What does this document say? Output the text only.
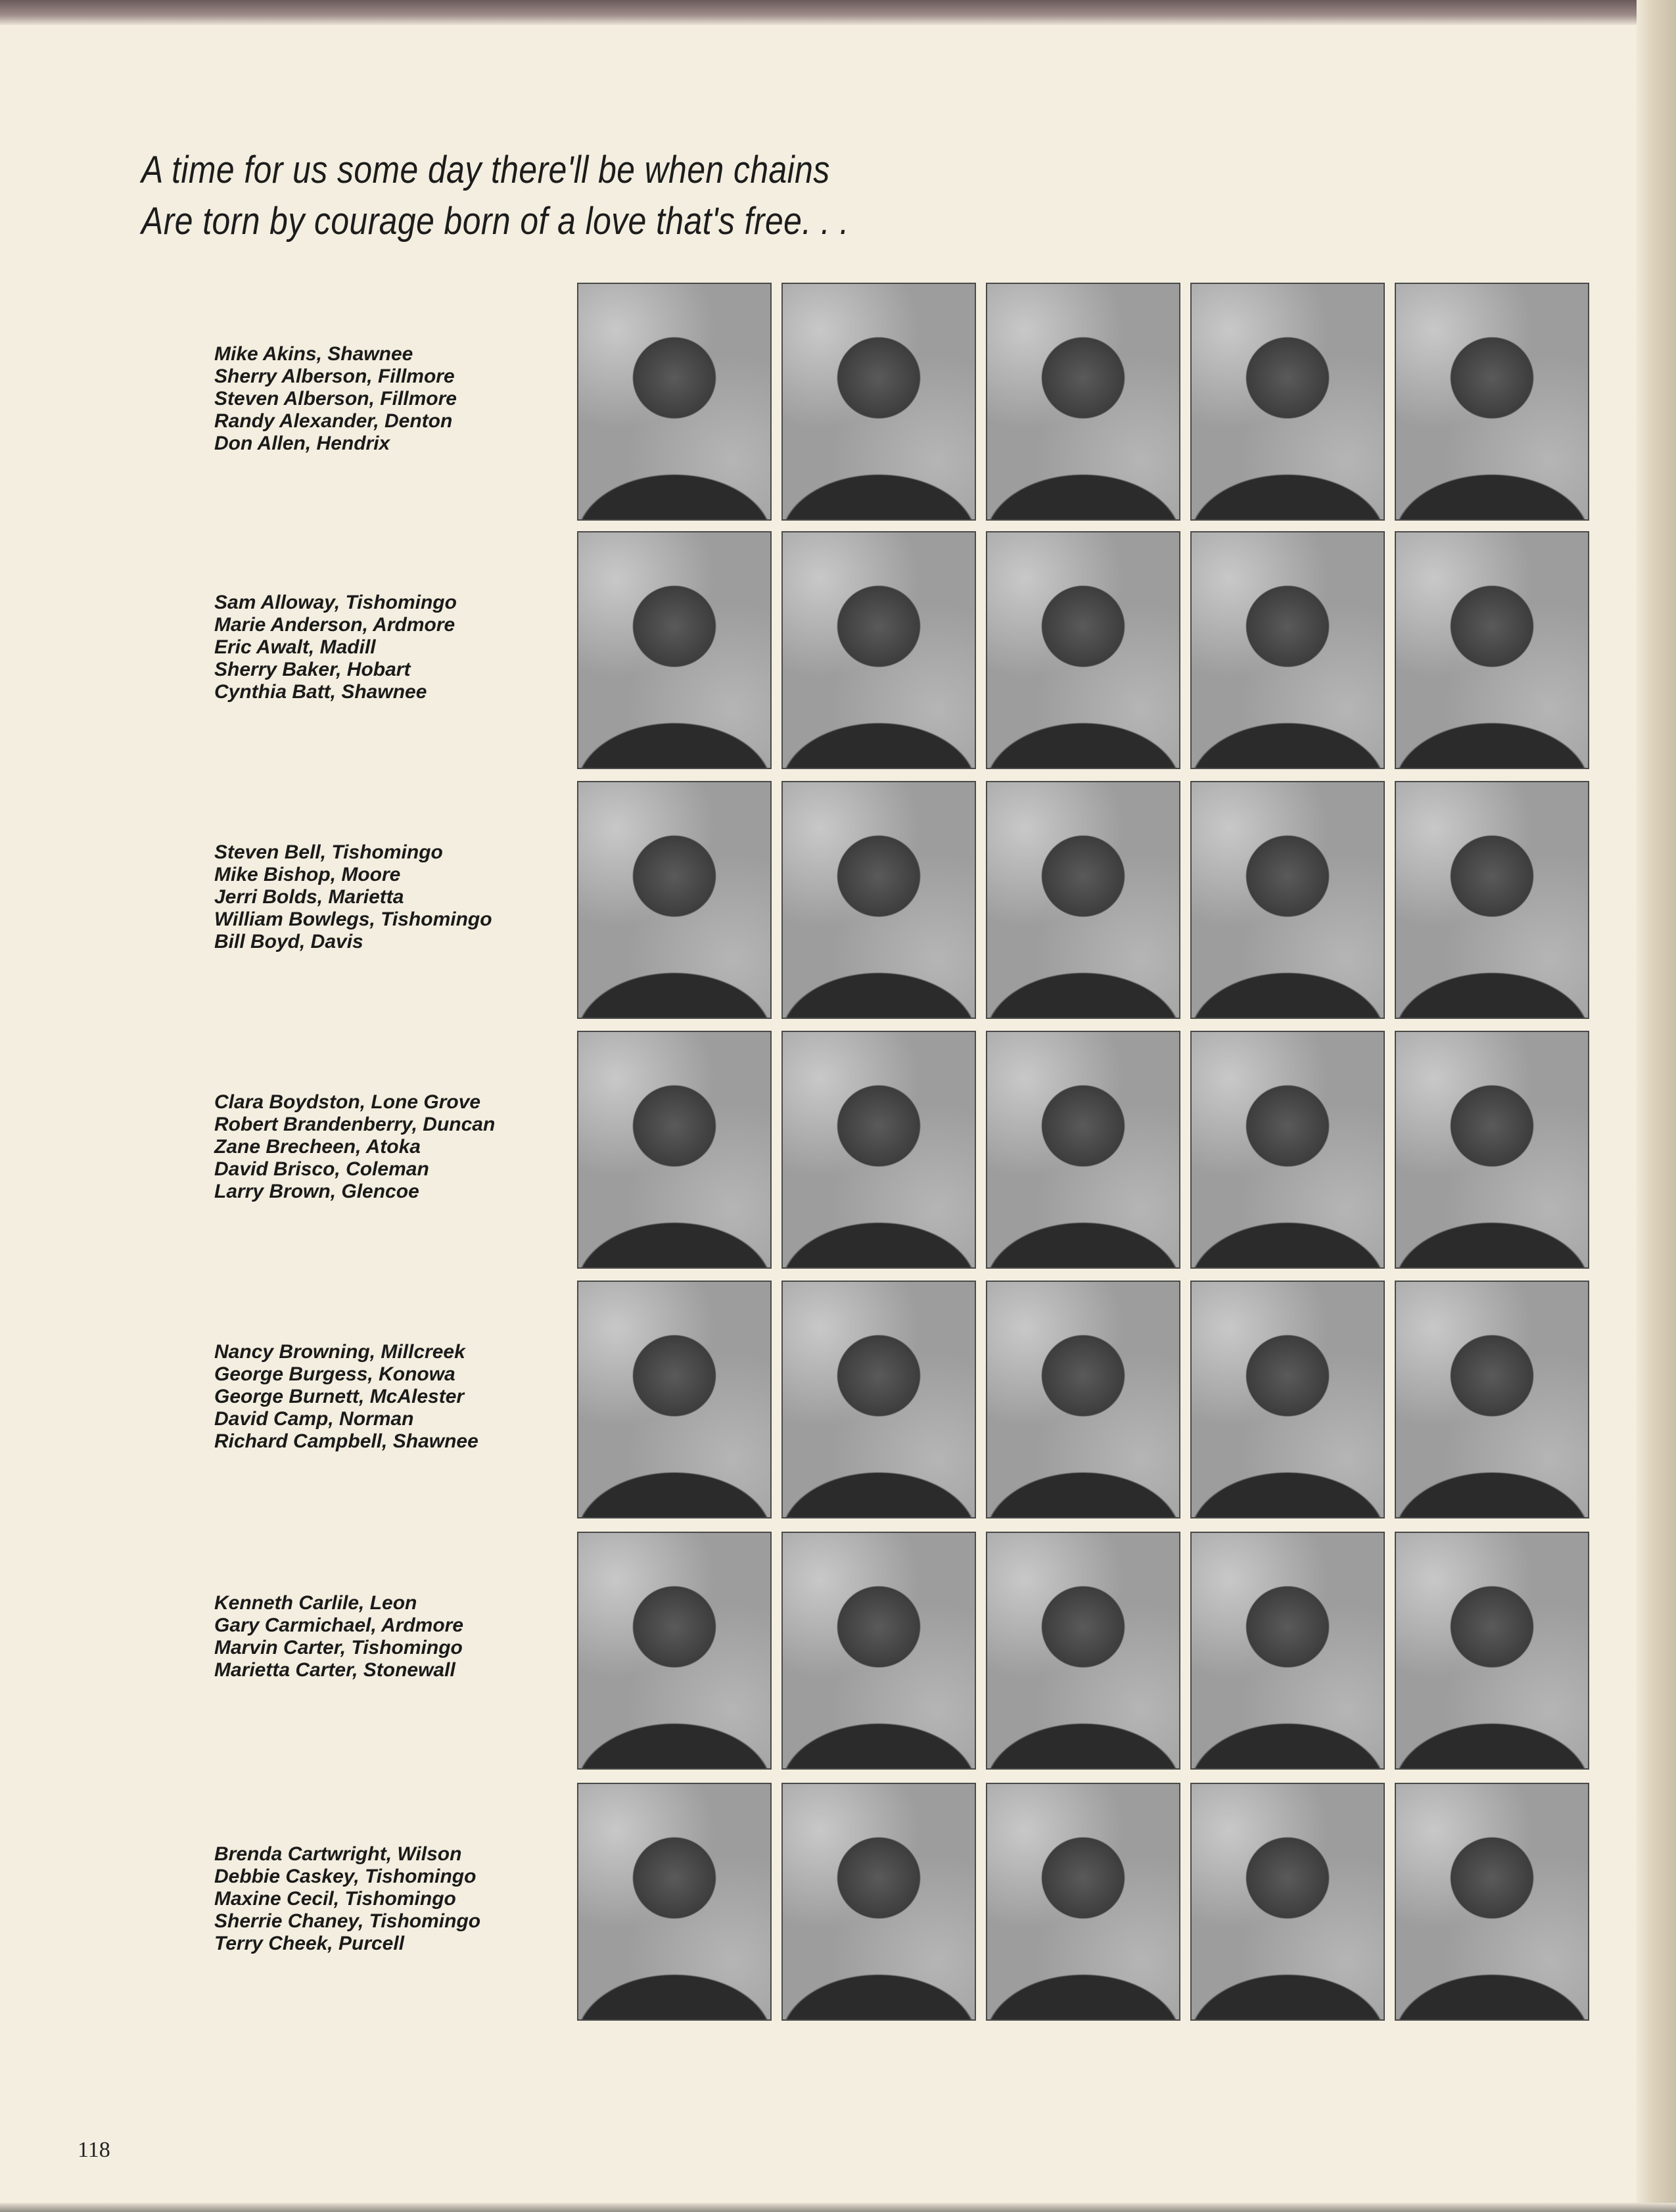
A time for us some day there'll be when chains
Are torn by courage born of a love that's free. . .
Mike Akins, Shawnee
Sherry Alberson, Fillmore
Steven Alberson, Fillmore
Randy Alexander, Denton
Don Allen, Hendrix
Sam Alloway, Tishomingo
Marie Anderson, Ardmore
Eric Awalt, Madill
Sherry Baker, Hobart
Cynthia Batt, Shawnee
Steven Bell, Tishomingo
Mike Bishop, Moore
Jerri Bolds, Marietta
William Bowlegs, Tishomingo
Bill Boyd, Davis
Clara Boydston, Lone Grove
Robert Brandenberry, Duncan
Zane Brecheen, Atoka
David Brisco, Coleman
Larry Brown, Glencoe
Nancy Browning, Millcreek
George Burgess, Konowa
George Burnett, McAlester
David Camp, Norman
Richard Campbell, Shawnee
Kenneth Carlile, Leon
Gary Carmichael, Ardmore
Marvin Carter, Tishomingo
Marietta Carter, Stonewall
Brenda Cartwright, Wilson
Debbie Caskey, Tishomingo
Maxine Cecil, Tishomingo
Sherrie Chaney, Tishomingo
Terry Cheek, Purcell
118
